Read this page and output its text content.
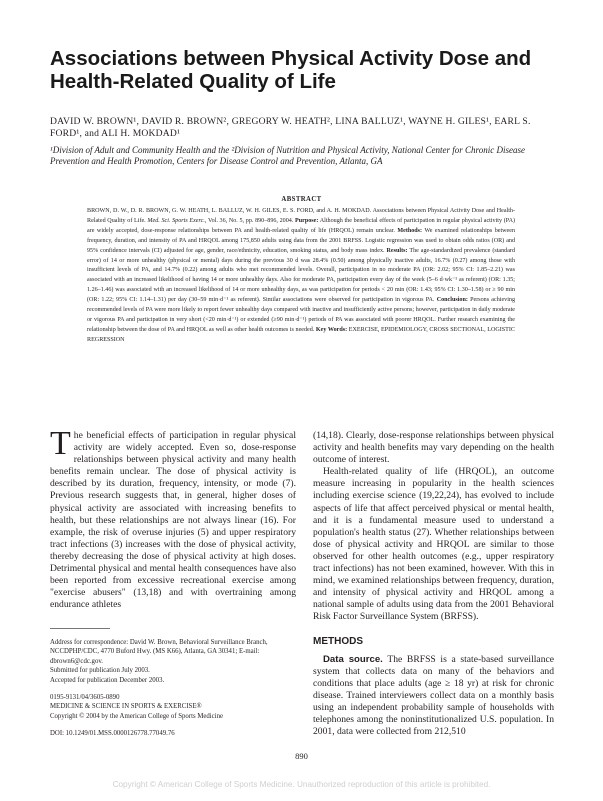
Associations between Physical Activity Dose and Health-Related Quality of Life
DAVID W. BROWN¹, DAVID R. BROWN², GREGORY W. HEATH², LINA BALLUZ¹, WAYNE H. GILES¹, EARL S. FORD¹, and ALI H. MOKDAD¹
¹Division of Adult and Community Health and the ²Division of Nutrition and Physical Activity, National Center for Chronic Disease Prevention and Health Promotion, Centers for Disease Control and Prevention, Atlanta, GA
ABSTRACT
BROWN, D. W., D. R. BROWN, G. W. HEATH, L. BALLUZ, W. H. GILES, E. S. FORD, and A. H. MOKDAD. Associations between Physical Activity Dose and Health-Related Quality of Life. Med. Sci. Sports Exerc., Vol. 36, No. 5, pp. 890–896, 2004. Purpose: Although the beneficial effects of participation in regular physical activity (PA) are widely accepted, dose-response relationships between PA and health-related quality of life (HRQOL) remain unclear. Methods: We examined relationships between frequency, duration, and intensity of PA and HRQOL among 175,850 adults using data from the 2001 BRFSS. Logistic regression was used to obtain odds ratios (OR) and 95% confidence intervals (CI) adjusted for age, gender, race/ethnicity, education, smoking status, and body mass index. Results: The age-standardized prevalence (standard error) of 14 or more unhealthy (physical or mental) days during the previous 30 d was 28.4% (0.50) among physically inactive adults, 16.7% (0.27) among those with insufficient levels of PA, and 14.7% (0.22) among adults who met recommended levels. Overall, participation in no moderate PA (OR: 2.02; 95% CI: 1.85–2.21) was associated with an increased likelihood of having 14 or more unhealthy days. Also for moderate PA, participation every day of the week (5–6 d·wk⁻¹ as referent) (OR: 1.35; 1.26–1.46) was associated with an increased likelihood of 14 or more unhealthy days, as was participation for periods < 20 min (OR: 1.43; 95% CI: 1.30–1.58) or ≥ 90 min (OR: 1.22; 95% CI: 1.14–1.31) per day (30–59 min·d⁻¹ as referent). Similar associations were observed for participation in vigorous PA. Conclusion: Persons achieving recommended levels of PA were more likely to report fewer unhealthy days compared with inactive and insufficiently active persons; however, participation in daily moderate or vigorous PA and participation in very short (<20 min·d⁻¹) or extended (≥90 min·d⁻¹) periods of PA was associated with poorer HRQOL. Further research examining the relationship between the dose of PA and HRQOL as well as other health outcomes is needed. Key Words: EXERCISE, EPIDEMIOLOGY, CROSS SECTIONAL, LOGISTIC REGRESSION

The beneficial effects of participation in regular physical activity are widely accepted. Even so, dose-response relationships between physical activity and many health benefits remain unclear. The dose of physical activity is described by its duration, frequency, intensity, or mode (7). Previous research suggests that, in general, higher doses of physical activity are associated with increasing benefits to health, but these relationships are not always linear (16). For example, the risk of overuse injuries (5) and upper respiratory tract infections (3) increases with the dose of physical activity, thereby decreasing the dose of physical activity at high doses. Detrimental physical and mental health consequences have also been reported from excessive recreational exercise among "exercise abusers" (13,18) and with overtraining among endurance athletes

(14,18). Clearly, dose-response relationships between physical activity and health benefits may vary depending on the health outcome of interest.

Health-related quality of life (HRQOL), an outcome measure increasing in popularity in the health sciences including exercise science (19,22,24), has evolved to include aspects of life that affect perceived physical or mental health, and it is a fundamental measure used to understand a population's health status (27). Whether relationships between dose of physical activity and HRQOL are similar to those observed for other health outcomes (e.g., upper respiratory tract infections) has not been examined, however. With this in mind, we examined relationships between frequency, duration, and intensity of physical activity and HRQOL among a national sample of adults using data from the 2001 Behavioral Risk Factor Surveillance System (BRFSS).

METHODS

Data source. The BRFSS is a state-based surveillance system that collects data on many of the behaviors and conditions that place adults (age ≥ 18 yr) at risk for chronic disease. Trained interviewers collect data on a monthly basis using an independent probability sample of households with telephones among the noninstitutionalized U.S. population. In 2001, data were collected from 212,510

Address for correspondence: David W. Brown, Behavioral Surveillance Branch, NCCDPHP/CDC, 4770 Buford Hwy. (MS K66), Atlanta, GA 30341; E-mail: dbrown6@cdc.gov.
Submitted for publication July 2003.
Accepted for publication December 2003.
0195-9131/04/3605-0890
MEDICINE & SCIENCE IN SPORTS & EXERCISE®
Copyright © 2004 by the American College of Sports Medicine
DOI: 10.1249/01.MSS.0000126778.77049.76
890
Copyright © American College of Sports Medicine. Unauthorized reproduction of this article is prohibited.
